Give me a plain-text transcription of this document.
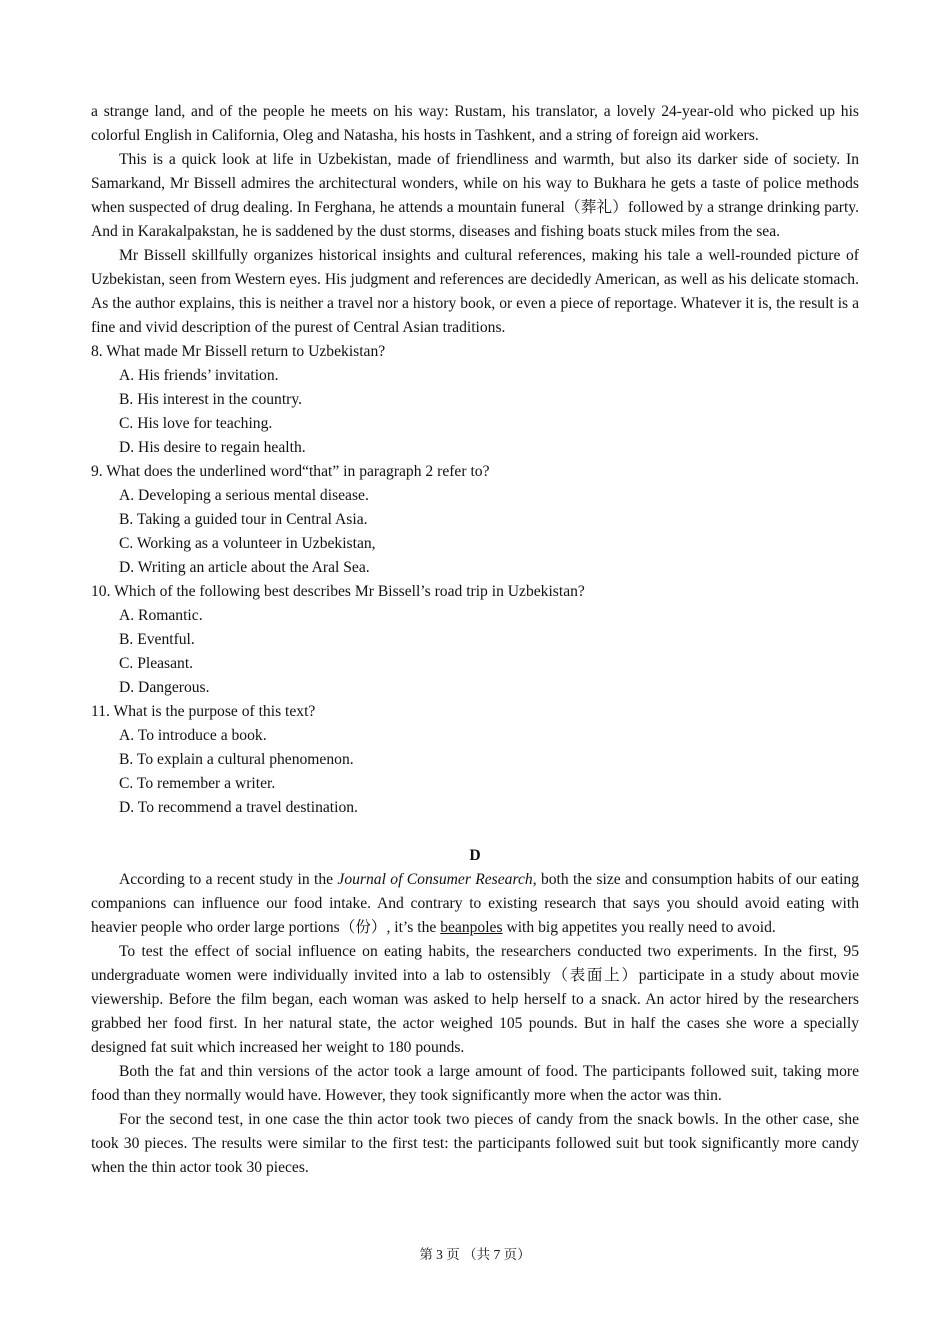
a strange land, and of the people he meets on his way: Rustam, his translator, a lovely 24-year-old who picked up his colorful English in California, Oleg and Natasha, his hosts in Tashkent, and a string of foreign aid workers.

This is a quick look at life in Uzbekistan, made of friendliness and warmth, but also its darker side of society. In Samarkand, Mr Bissell admires the architectural wonders, while on his way to Bukhara he gets a taste of police methods when suspected of drug dealing. In Ferghana, he attends a mountain funeral（葬礼）followed by a strange drinking party. And in Karakalpakstan, he is saddened by the dust storms, diseases and fishing boats stuck miles from the sea.

Mr Bissell skillfully organizes historical insights and cultural references, making his tale a well-rounded picture of Uzbekistan, seen from Western eyes. His judgment and references are decidedly American, as well as his delicate stomach. As the author explains, this is neither a travel nor a history book, or even a piece of reportage. Whatever it is, the result is a fine and vivid description of the purest of Central Asian traditions.

8. What made Mr Bissell return to Uzbekistan?

A. His friends’ invitation.
B. His interest in the country.
C. His love for teaching.
D. His desire to regain health.

9. What does the underlined word“that” in paragraph 2 refer to?

A. Developing a serious mental disease.
B. Taking a guided tour in Central Asia.
C. Working as a volunteer in Uzbekistan,
D. Writing an article about the Aral Sea.

10. Which of the following best describes Mr Bissell’s road trip in Uzbekistan?

A. Romantic.
B. Eventful.
C. Pleasant.
D. Dangerous.

11. What is the purpose of this text?

A. To introduce a book.
B. To explain a cultural phenomenon.
C. To remember a writer.
D. To recommend a travel destination.

D

According to a recent study in the Journal of Consumer Research, both the size and consumption habits of our eating companions can influence our food intake. And contrary to existing research that says you should avoid eating with heavier people who order large portions（份）, it’s the beanpoles with big appetites you really need to avoid.

To test the effect of social influence on eating habits, the researchers conducted two experiments. In the first, 95 undergraduate women were individually invited into a lab to ostensibly（表面上）participate in a study about movie viewership. Before the film began, each woman was asked to help herself to a snack. An actor hired by the researchers grabbed her food first. In her natural state, the actor weighed 105 pounds. But in half the cases she wore a specially designed fat suit which increased her weight to 180 pounds.

Both the fat and thin versions of the actor took a large amount of food. The participants followed suit, taking more food than they normally would have. However, they took significantly more when the actor was thin.

For the second test, in one case the thin actor took two pieces of candy from the snack bowls. In the other case, she took 30 pieces. The results were similar to the first test: the participants followed suit but took significantly more candy when the thin actor took 30 pieces.

第 3 页 （共 7 页）
